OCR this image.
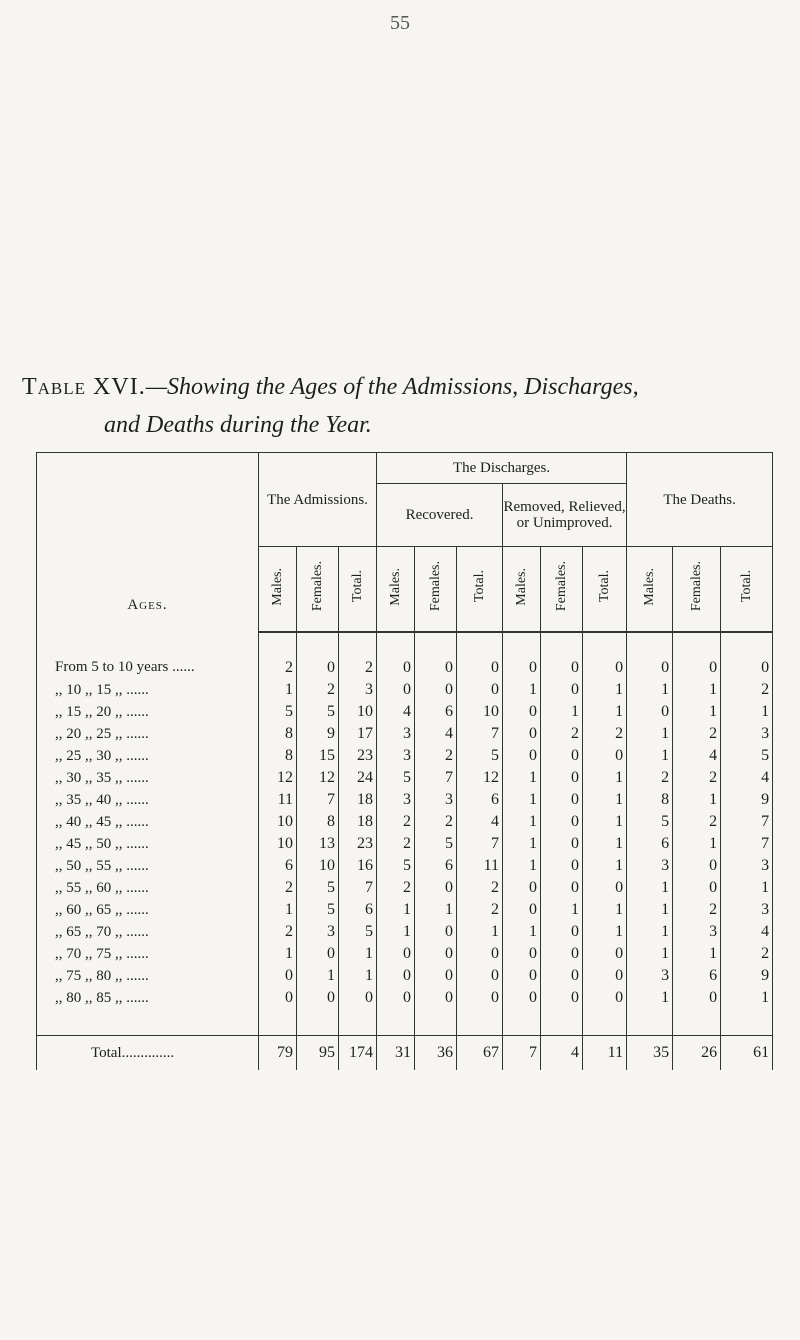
55
Table XVI.—Showing the Ages of the Admissions, Discharges,
and Deaths during the Year.
Ages.	The Admissions.			The Discharges.						The Deaths.		
				Recovered.			Removed, Relieved, or Unimproved.					
	Males.	Females.	Total.	Males.	Females.	Total.	Males.	Females.	Total.	Males.	Females.	Total.
From 5 to 10 years ......	2	0	2	0	0	0	0	0	0	0	0	0
,, 10 ,, 15 ,, ......	1	2	3	0	0	0	1	0	1	1	1	2
,, 15 ,, 20 ,, ......	5	5	10	4	6	10	0	1	1	0	1	1
,, 20 ,, 25 ,, ......	8	9	17	3	4	7	0	2	2	1	2	3
,, 25 ,, 30 ,, ......	8	15	23	3	2	5	0	0	0	1	4	5
,, 30 ,, 35 ,, ......	12	12	24	5	7	12	1	0	1	2	2	4
,, 35 ,, 40 ,, ......	11	7	18	3	3	6	1	0	1	8	1	9
,, 40 ,, 45 ,, ......	10	8	18	2	2	4	1	0	1	5	2	7
,, 45 ,, 50 ,, ......	10	13	23	2	5	7	1	0	1	6	1	7
,, 50 ,, 55 ,, ......	6	10	16	5	6	11	1	0	1	3	0	3
,, 55 ,, 60 ,, ......	2	5	7	2	0	2	0	0	0	1	0	1
,, 60 ,, 65 ,, ......	1	5	6	1	1	2	0	1	1	1	2	3
,, 65 ,, 70 ,, ......	2	3	5	1	0	1	1	0	1	1	3	4
,, 70 ,, 75 ,, ......	1	0	1	0	0	0	0	0	0	1	1	2
,, 75 ,, 80 ,, ......	0	1	1	0	0	0	0	0	0	3	6	9
,, 80 ,, 85 ,, ......	0	0	0	0	0	0	0	0	0	1	0	1

Total..............	79	95	174	31	36	67	7	4	11	35	26	61
